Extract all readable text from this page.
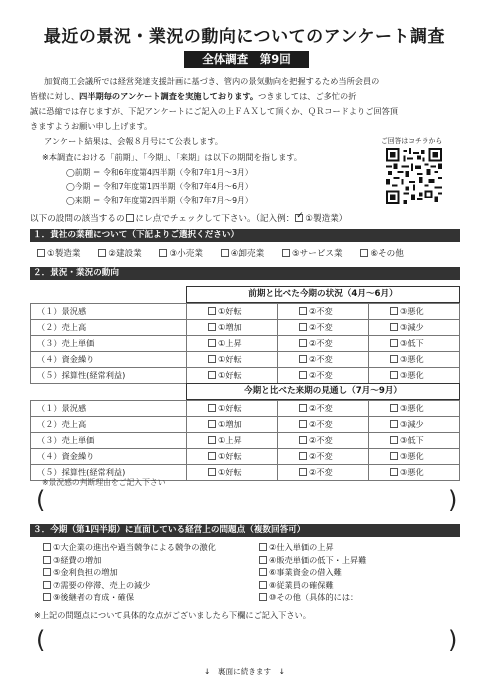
最近の景況・業況の動向についてのアンケート調査
全体調査　第9回
加賀商工会議所では経営発達支援計画に基づき、管内の景気動向を把握するため当所会員の
皆様に対し、四半期毎のアンケート調査を実施しております。つきましては、ご多忙の折
誠に恐縮では存じますが、下記アンケートにご記入の上ＦＡＸして頂くか、ＱＲコードよりご回答頂
きますようお願い申し上げます。
アンケート結果は、会報８月号にて公表します。	ご回答はコチラから
※本調査における「前期」、「今期」、「来期」は以下の期間を指します。
◯前期 ＝ 令和6年度第4四半期（令和7年1月～3月）
◯今期 ＝ 令和7年度第1四半期（令和7年4月～6月）
◯来期 ＝ 令和7年度第2四半期（令和7年7月～9月）
以下の設問の該当するの にレ点でチェックして下さい。（記入例： ✓ ①製造業）
１．貴社の業種について（下記よりご選択ください）
①製造業	②建設業	③小売業	④卸売業	⑤サービス業	⑥その他
２．景況・業況の動向
前期と比べた今期の状況（4月～6月）
（１）景況感	①好転	②不変	③悪化
（２）売上高	①増加	②不変	③減少
（３）売上単価	①上昇	②不変	③低下
（４）資金繰り	①好転	②不変	③悪化
（５）採算性(経常利益)	①好転	②不変	③悪化
今期と比べた来期の見通し（7月～9月）
（１）景況感	①好転	②不変	③悪化
（２）売上高	①増加	②不変	③減少
（３）売上単価	①上昇	②不変	③低下
（４）資金繰り	①好転	②不変	③悪化
（５）採算性(経常利益)	①好転	②不変	③悪化
※景況感の判断理由をご記入下さい
(	)
３．今期（第1四半期）に直面している経営上の問題点（複数回答可）
①大企業の進出や過当競争による競争の激化	②仕入単価の上昇
③経費の増加	④販売単価の低下・上昇難
⑤金利負担の増加	⑥事業資金の借入難
⑦需要の停滞、売上の減少	⑧従業員の確保難
⑨後継者の育成・確保	⑩その他（具体的には：
※上記の問題点について具体的な点がございましたら下欄にご記入下さい。
(	)
↓　裏面に続きます　↓
